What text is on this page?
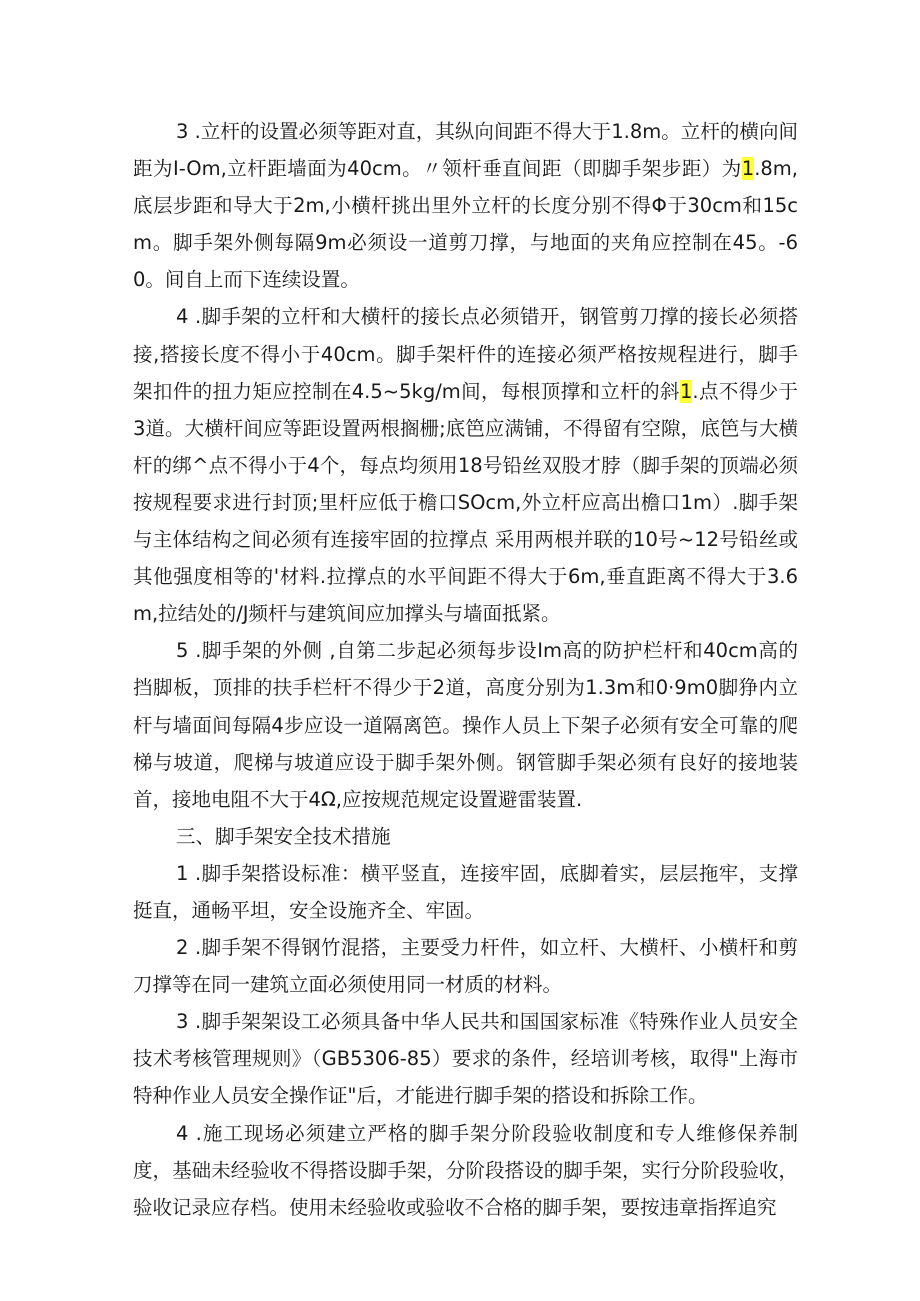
3 .立杆的设置必须等距对直，其纵向间距不得大于1.8m。立杆的横向间距为I-Om,立杆距墙面为40cm。〃领杆垂直间距（即脚手架步距）为1.8m,底层步距和导大于2m,小横杆挑出里外立杆的长度分别不得Φ于30cm和15cm。脚手架外侧每隔9m必须设一道剪刀撑，与地面的夹角应控制在45。-60。间自上而下连续设置。

4 .脚手架的立杆和大横杆的接长点必须错开，钢管剪刀撑的接长必须搭接,搭接长度不得小于40cm。脚手架杆件的连接必须严格按规程进行，脚手架扣件的扭力矩应控制在4.5~5kg/m间，每根顶撑和立杆的斜1.点不得少于3道。大横杆间应等距设置两根搁栅;底笆应满铺，不得留有空隙，底笆与大横杆的绑^点不得小于4个，每点均须用18号铅丝双股才脖（脚手架的顶端必须按规程要求进行封顶;里杆应低于檐口SOcm,外立杆应高出檐口1m）.脚手架与主体结构之间必须有连接牢固的拉撑点 采用两根并联的10号~12号铅丝或其他强度相等的'材料.拉撑点的水平间距不得大于6m,垂直距离不得大于3.6m,拉结处的/J频杆与建筑间应加撑头与墙面抵紧。

5 .脚手架的外侧 ,自第二步起必须每步设Im高的防护栏杆和40cm高的挡脚板，顶排的扶手栏杆不得少于2道，高度分别为1.3m和0·9m0脚狰内立杆与墙面间每隔4步应设一道隔离笆。操作人员上下架子必须有安全可靠的爬梯与坡道，爬梯与坡道应设于脚手架外侧。钢管脚手架必须有良好的接地装首，接地电阻不大于4Ω,应按规范规定设置避雷装置.

三、脚手架安全技术措施

1 .脚手架搭设标准：横平竖直，连接牢固，底脚着实，层层拖牢，支撑挺直，通畅平坦，安全设施齐全、牢固。

2 .脚手架不得钢竹混搭，主要受力杆件，如立杆、大横杆、小横杆和剪刀撑等在同一建筑立面必须使用同一材质的材料。

3 .脚手架架设工必须具备中华人民共和国国家标准《特殊作业人员安全技术考核管理规则》（GB5306-85）要求的条件，经培训考核，取得"上海市特种作业人员安全操作证"后，才能进行脚手架的搭设和拆除工作。

4 .施工现场必须建立严格的脚手架分阶段验收制度和专人维修保养制度，基础未经验收不得搭设脚手架，分阶段搭设的脚手架，实行分阶段验收，验收记录应存档。使用未经验收或验收不合格的脚手架，要按违章指挥追究
